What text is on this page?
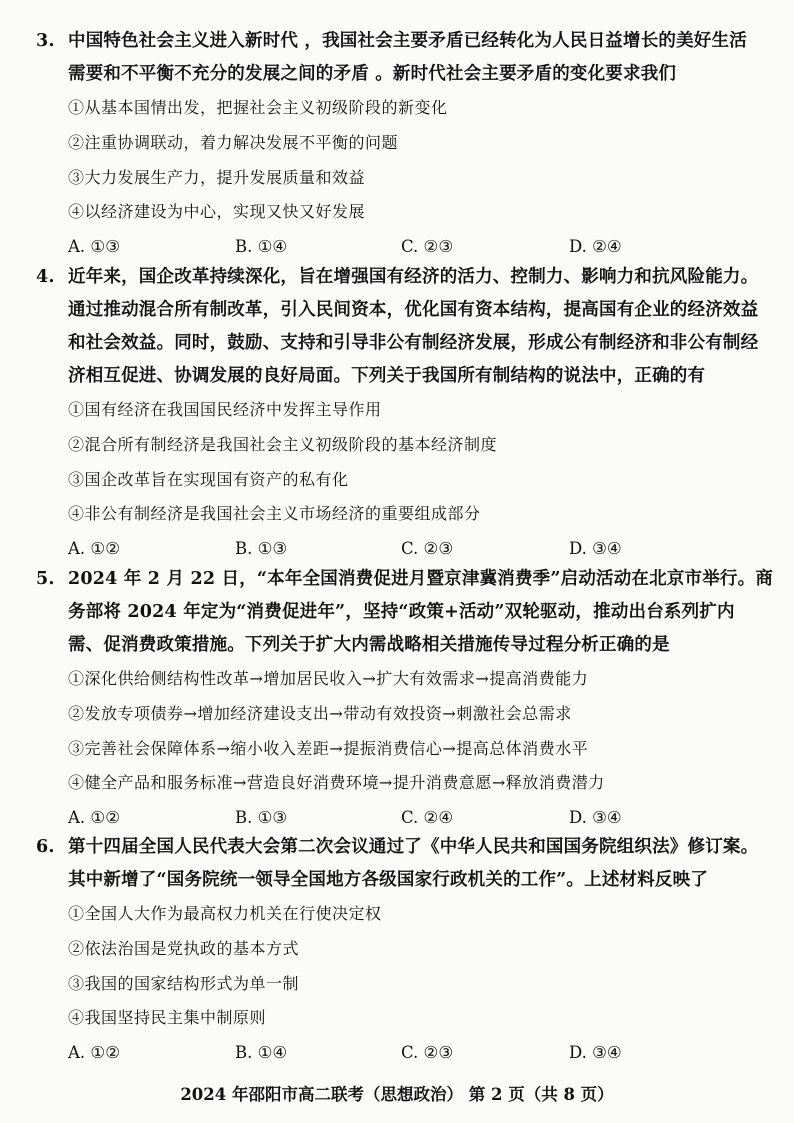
3. 中国特色社会主义进入新时代 ，我国社会主要矛盾已经转化为人民日益增长的美好生活
需要和不平衡不充分的发展之间的矛盾 。新时代社会主要矛盾的变化要求我们
①从基本国情出发，把握社会主义初级阶段的新变化
②注重协调联动，着力解决发展不平衡的问题
③大力发展生产力，提升发展质量和效益
④以经济建设为中心，实现又快又好发展
A. ①③	B. ①④	C. ②③	D. ②④
4. 近年来，国企改革持续深化，旨在增强国有经济的活力、控制力、影响力和抗风险能力。
通过推动混合所有制改革，引入民间资本，优化国有资本结构，提高国有企业的经济效益
和社会效益。同时，鼓励、支持和引导非公有制经济发展，形成公有制经济和非公有制经
济相互促进、协调发展的良好局面。下列关于我国所有制结构的说法中，正确的有
①国有经济在我国国民经济中发挥主导作用
②混合所有制经济是我国社会主义初级阶段的基本经济制度
③国企改革旨在实现国有资产的私有化
④非公有制经济是我国社会主义市场经济的重要组成部分
A. ①②	B. ①③	C. ②③	D. ③④
5. 2024 年 2 月 22 日，“本年全国消费促进月暨京津冀消费季”启动活动在北京市举行。商
务部将 2024 年定为“消费促进年”，坚持“政策+活动”双轮驱动，推动出台系列扩内
需、促消费政策措施。下列关于扩大内需战略相关措施传导过程分析正确的是
①深化供给侧结构性改革→增加居民收入→扩大有效需求→提高消费能力
②发放专项债券→增加经济建设支出→带动有效投资→刺激社会总需求
③完善社会保障体系→缩小收入差距→提振消费信心→提高总体消费水平
④健全产品和服务标准→营造良好消费环境→提升消费意愿→释放消费潜力
A. ①②	B. ①③	C. ②④	D. ③④
6. 第十四届全国人民代表大会第二次会议通过了《中华人民共和国国务院组织法》修订案。
其中新增了“国务院统一领导全国地方各级国家行政机关的工作”。上述材料反映了
①全国人大作为最高权力机关在行使决定权
②依法治国是党执政的基本方式
③我国的国家结构形式为单一制
④我国坚持民主集中制原则
A. ①②	B. ①④	C. ②③	D. ③④
2024 年邵阳市高二联考（思想政治） 第 2 页（共 8 页）
